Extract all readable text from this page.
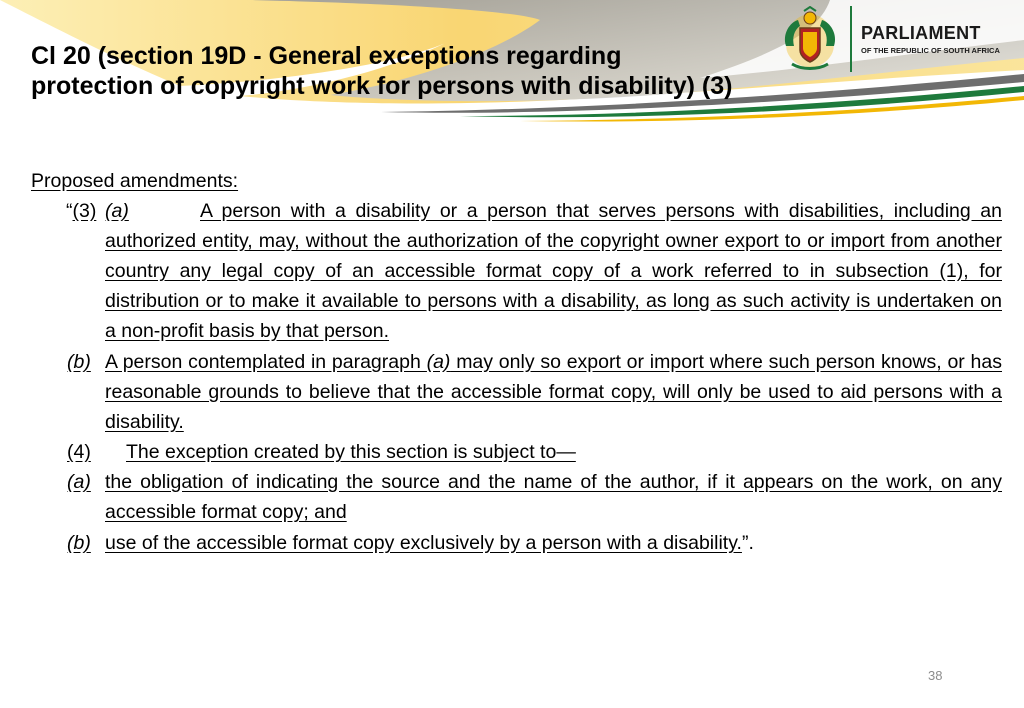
Cl 20 (section 19D - General exceptions regarding
protection of copyright work for persons with disability) (3)
PARLIAMENT
OF THE REPUBLIC OF SOUTH AFRICA
Proposed amendments:
“(3) (a)	A person with a disability or a person that serves persons with disabilities, including an authorized entity, may, without the authorization of the copyright owner export to or import from another country any legal copy of an accessible format copy of a work referred to in subsection (1), for distribution or to make it available to persons with a disability, as long as such activity is undertaken on a non-profit basis by that person.
(b) A person contemplated in paragraph (a) may only so export or import where such person knows, or has reasonable grounds to believe that the accessible format copy, will only be used to aid persons with a disability.
(4) The exception created by this section is subject to—
(a) the obligation of indicating the source and the name of the author, if it appears on the work, on any accessible format copy; and
(b) use of the accessible format copy exclusively by a person with a disability.”.
38
